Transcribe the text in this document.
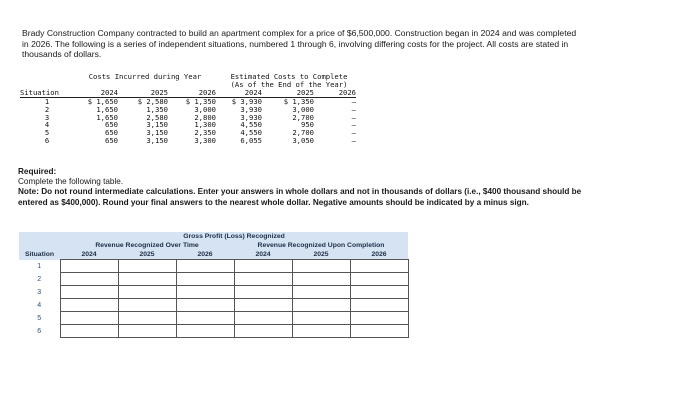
Brady Construction Company contracted to build an apartment complex for a price of $6,500,000. Construction began in 2024 and was completed in 2026. The following is a series of independent situations, numbered 1 through 6, involving differing costs for the project. All costs are stated in thousands of dollars.
	Costs Incurred during Year				Estimated Costs to Complete		
					(As of the End of the Year)		
Situation	2024	2025	2026		2024	2025	2026
1	$ 1,650	$ 2,580	$ 1,350		$ 3,930	$ 1,350	–
2	1,650	1,350	3,000		3,930	3,000	–
3	1,650	2,580	2,800		3,930	2,700	–
4	650	3,150	1,300		4,550	950	–
5	650	3,150	2,350		4,550	2,700	–
6	650	3,150	3,300		6,055	3,050	–
Required:
Complete the following table.
Note: Do not round intermediate calculations. Enter your answers in whole dollars and not in thousands of dollars (i.e., $400 thousand should be entered as $400,000). Round your final answers to the nearest whole dollar. Negative amounts should be indicated by a minus sign.
	Gross Profit (Loss) Recognized					
	Revenue Recognized Over Time			Revenue Recognized Upon Completion		
Situation	2024	2025	2026	2024	2025	2026
1						
2						
3						
4						
5						
6						
